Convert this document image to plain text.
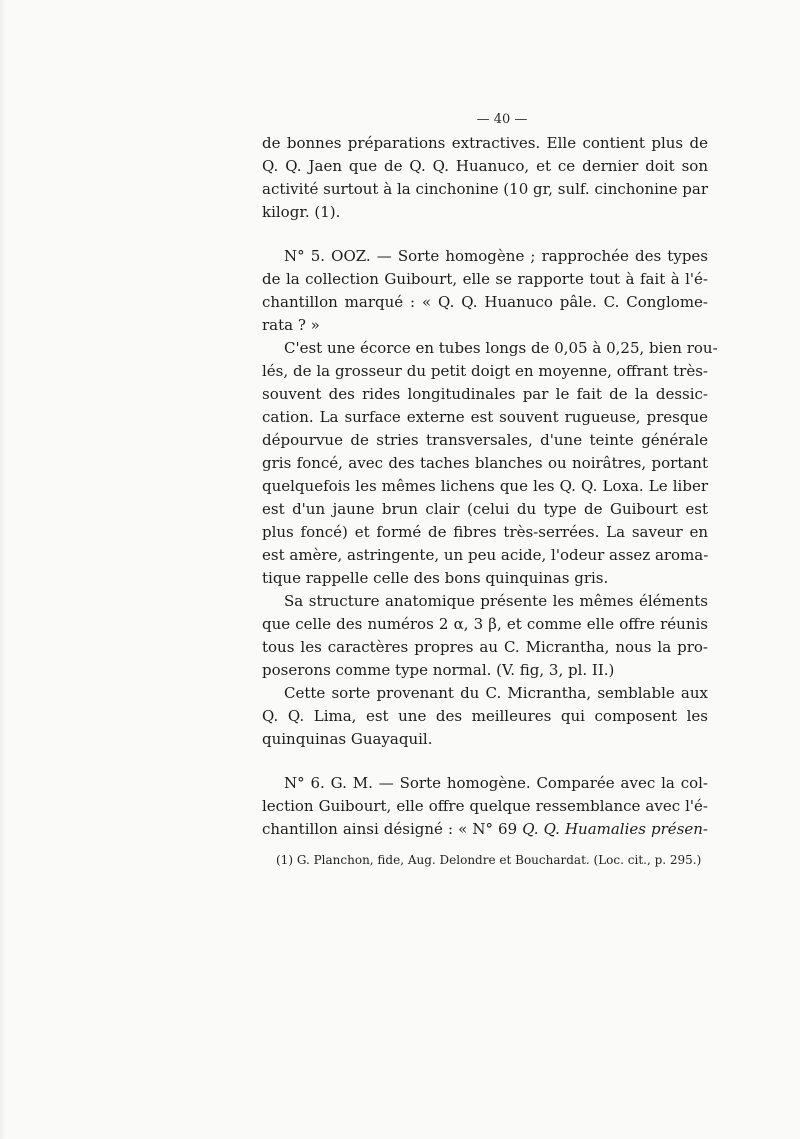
— 40 —

de bonnes préparations extractives. Elle contient plus de
Q. Q. Jaen que de Q. Q. Huanuco, et ce dernier doit son
activité surtout à la cinchonine (10 gr, sulf. cinchonine par
kilogr. (1).

N° 5. OOZ. — Sorte homogène ; rapprochée des types
de la collection Guibourt, elle se rapporte tout à fait à l'é-
chantillon marqué : « Q. Q. Huanuco pâle. C. Conglome-
rata ? »

C'est une écorce en tubes longs de 0,05 à 0,25, bien rou-
lés, de la grosseur du petit doigt en moyenne, offrant très-
souvent des rides longitudinales par le fait de la dessic-
cation. La surface externe est souvent rugueuse, presque
dépourvue de stries transversales, d'une teinte générale
gris foncé, avec des taches blanches ou noirâtres, portant
quelquefois les mêmes lichens que les Q. Q. Loxa. Le liber
est d'un jaune brun clair (celui du type de Guibourt est
plus foncé) et formé de fibres très-serrées. La saveur en
est amère, astringente, un peu acide, l'odeur assez aroma-
tique rappelle celle des bons quinquinas gris.

Sa structure anatomique présente les mêmes éléments
que celle des numéros 2 α, 3 β, et comme elle offre réunis
tous les caractères propres au C. Micrantha, nous la pro-
poserons comme type normal. (V. fig, 3, pl. II.)

Cette sorte provenant du C. Micrantha, semblable aux
Q. Q. Lima, est une des meilleures qui composent les
quinquinas Guayaquil.

N° 6. G. M. — Sorte homogène. Comparée avec la col-
lection Guibourt, elle offre quelque ressemblance avec l'é-
chantillon ainsi désigné : « N° 69 Q. Q. Huamalies présen-

(1) G. Planchon, fide, Aug. Delondre et Bouchardat. (Loc. cit., p. 295.)
